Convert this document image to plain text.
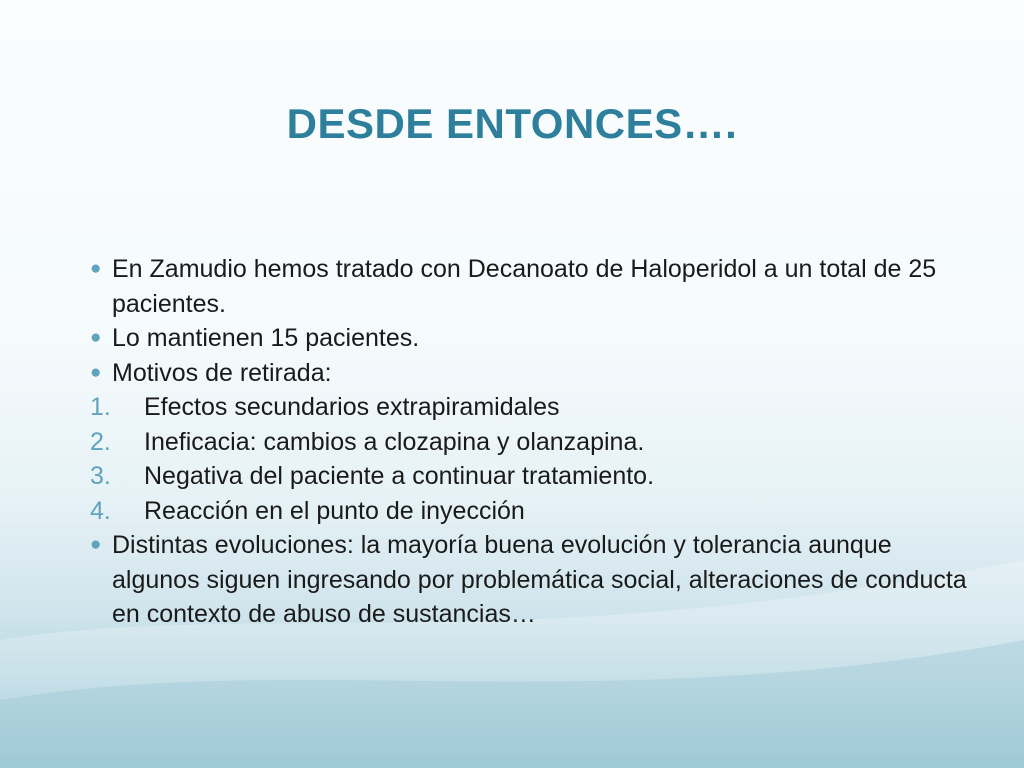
DESDE ENTONCES….
● En Zamudio hemos tratado con Decanoato de Haloperidol a un total de 25 pacientes.
● Lo mantienen 15 pacientes.
● Motivos de retirada:
1. Efectos secundarios extrapiramidales
2. Ineficacia: cambios a clozapina y olanzapina.
3. Negativa del paciente a continuar tratamiento.
4. Reacción en el punto de inyección
● Distintas evoluciones: la mayoría buena evolución y tolerancia aunque algunos siguen ingresando por problemática social, alteraciones de conducta en contexto de abuso de sustancias…
